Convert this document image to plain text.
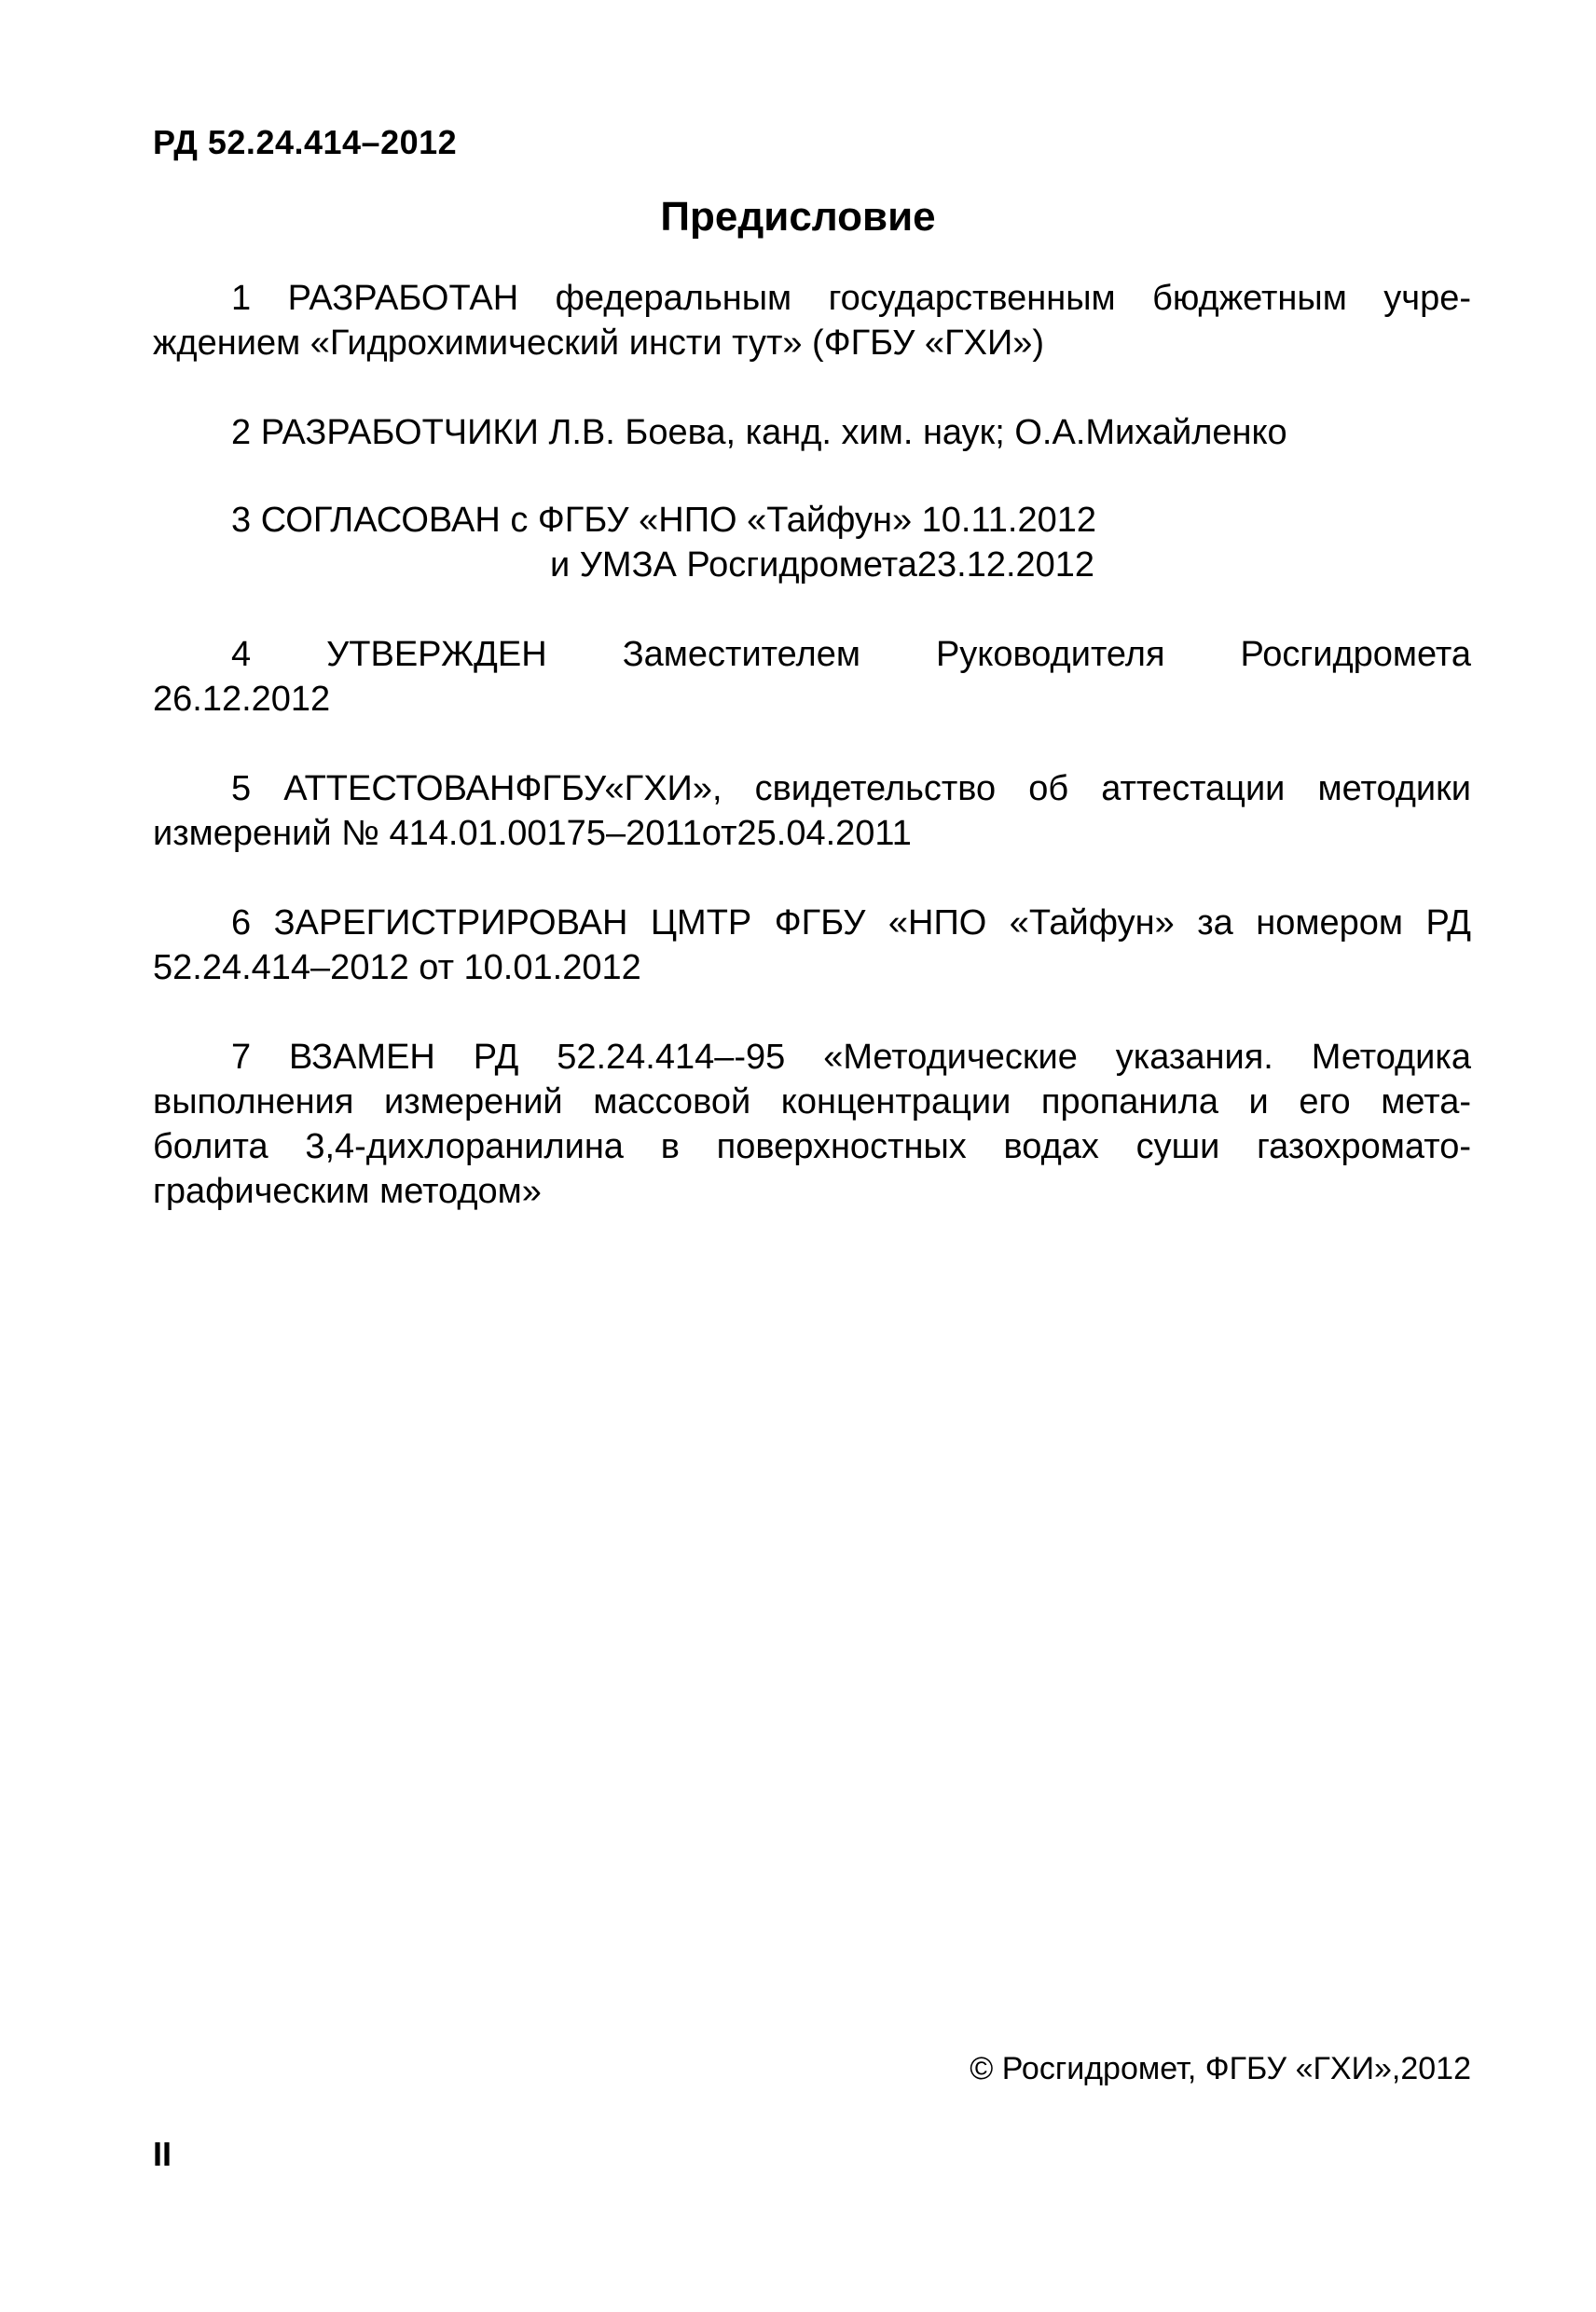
РД 52.24.414–2012
Предисловие
1 РАЗРАБОТАН федеральным государственным бюджетным учре-
ждением «Гидрохимический инсти тут» (ФГБУ «ГХИ»)
2 РАЗРАБОТЧИКИ Л.В. Боева, канд. хим. наук; О.А.Михайленко
3 СОГЛАСОВАН с ФГБУ «НПО «Тайфун» 10.11.2012
и УМЗА Росгидромета23.12.2012
4 УТВЕРЖДЕН Заместителем Руководителя Росгидромета
26.12.2012
5 АТТЕСТОВАНФГБУ«ГХИ», свидетельство об аттестации методики
измерений № 414.01.00175–2011от25.04.2011
6 ЗАРЕГИСТРИРОВАН ЦМТР ФГБУ «НПО «Тайфун» за номером РД
52.24.414–2012 от 10.01.2012
7 ВЗАМЕН РД 52.24.414–-95 «Методические указания. Методика
выполнения измерений массовой концентрации пропанила и его мета-
болита 3,4-дихлоранилина в поверхностных водах суши газохромато-
графическим методом»
© Росгидромет, ФГБУ «ГХИ»,2012
II
